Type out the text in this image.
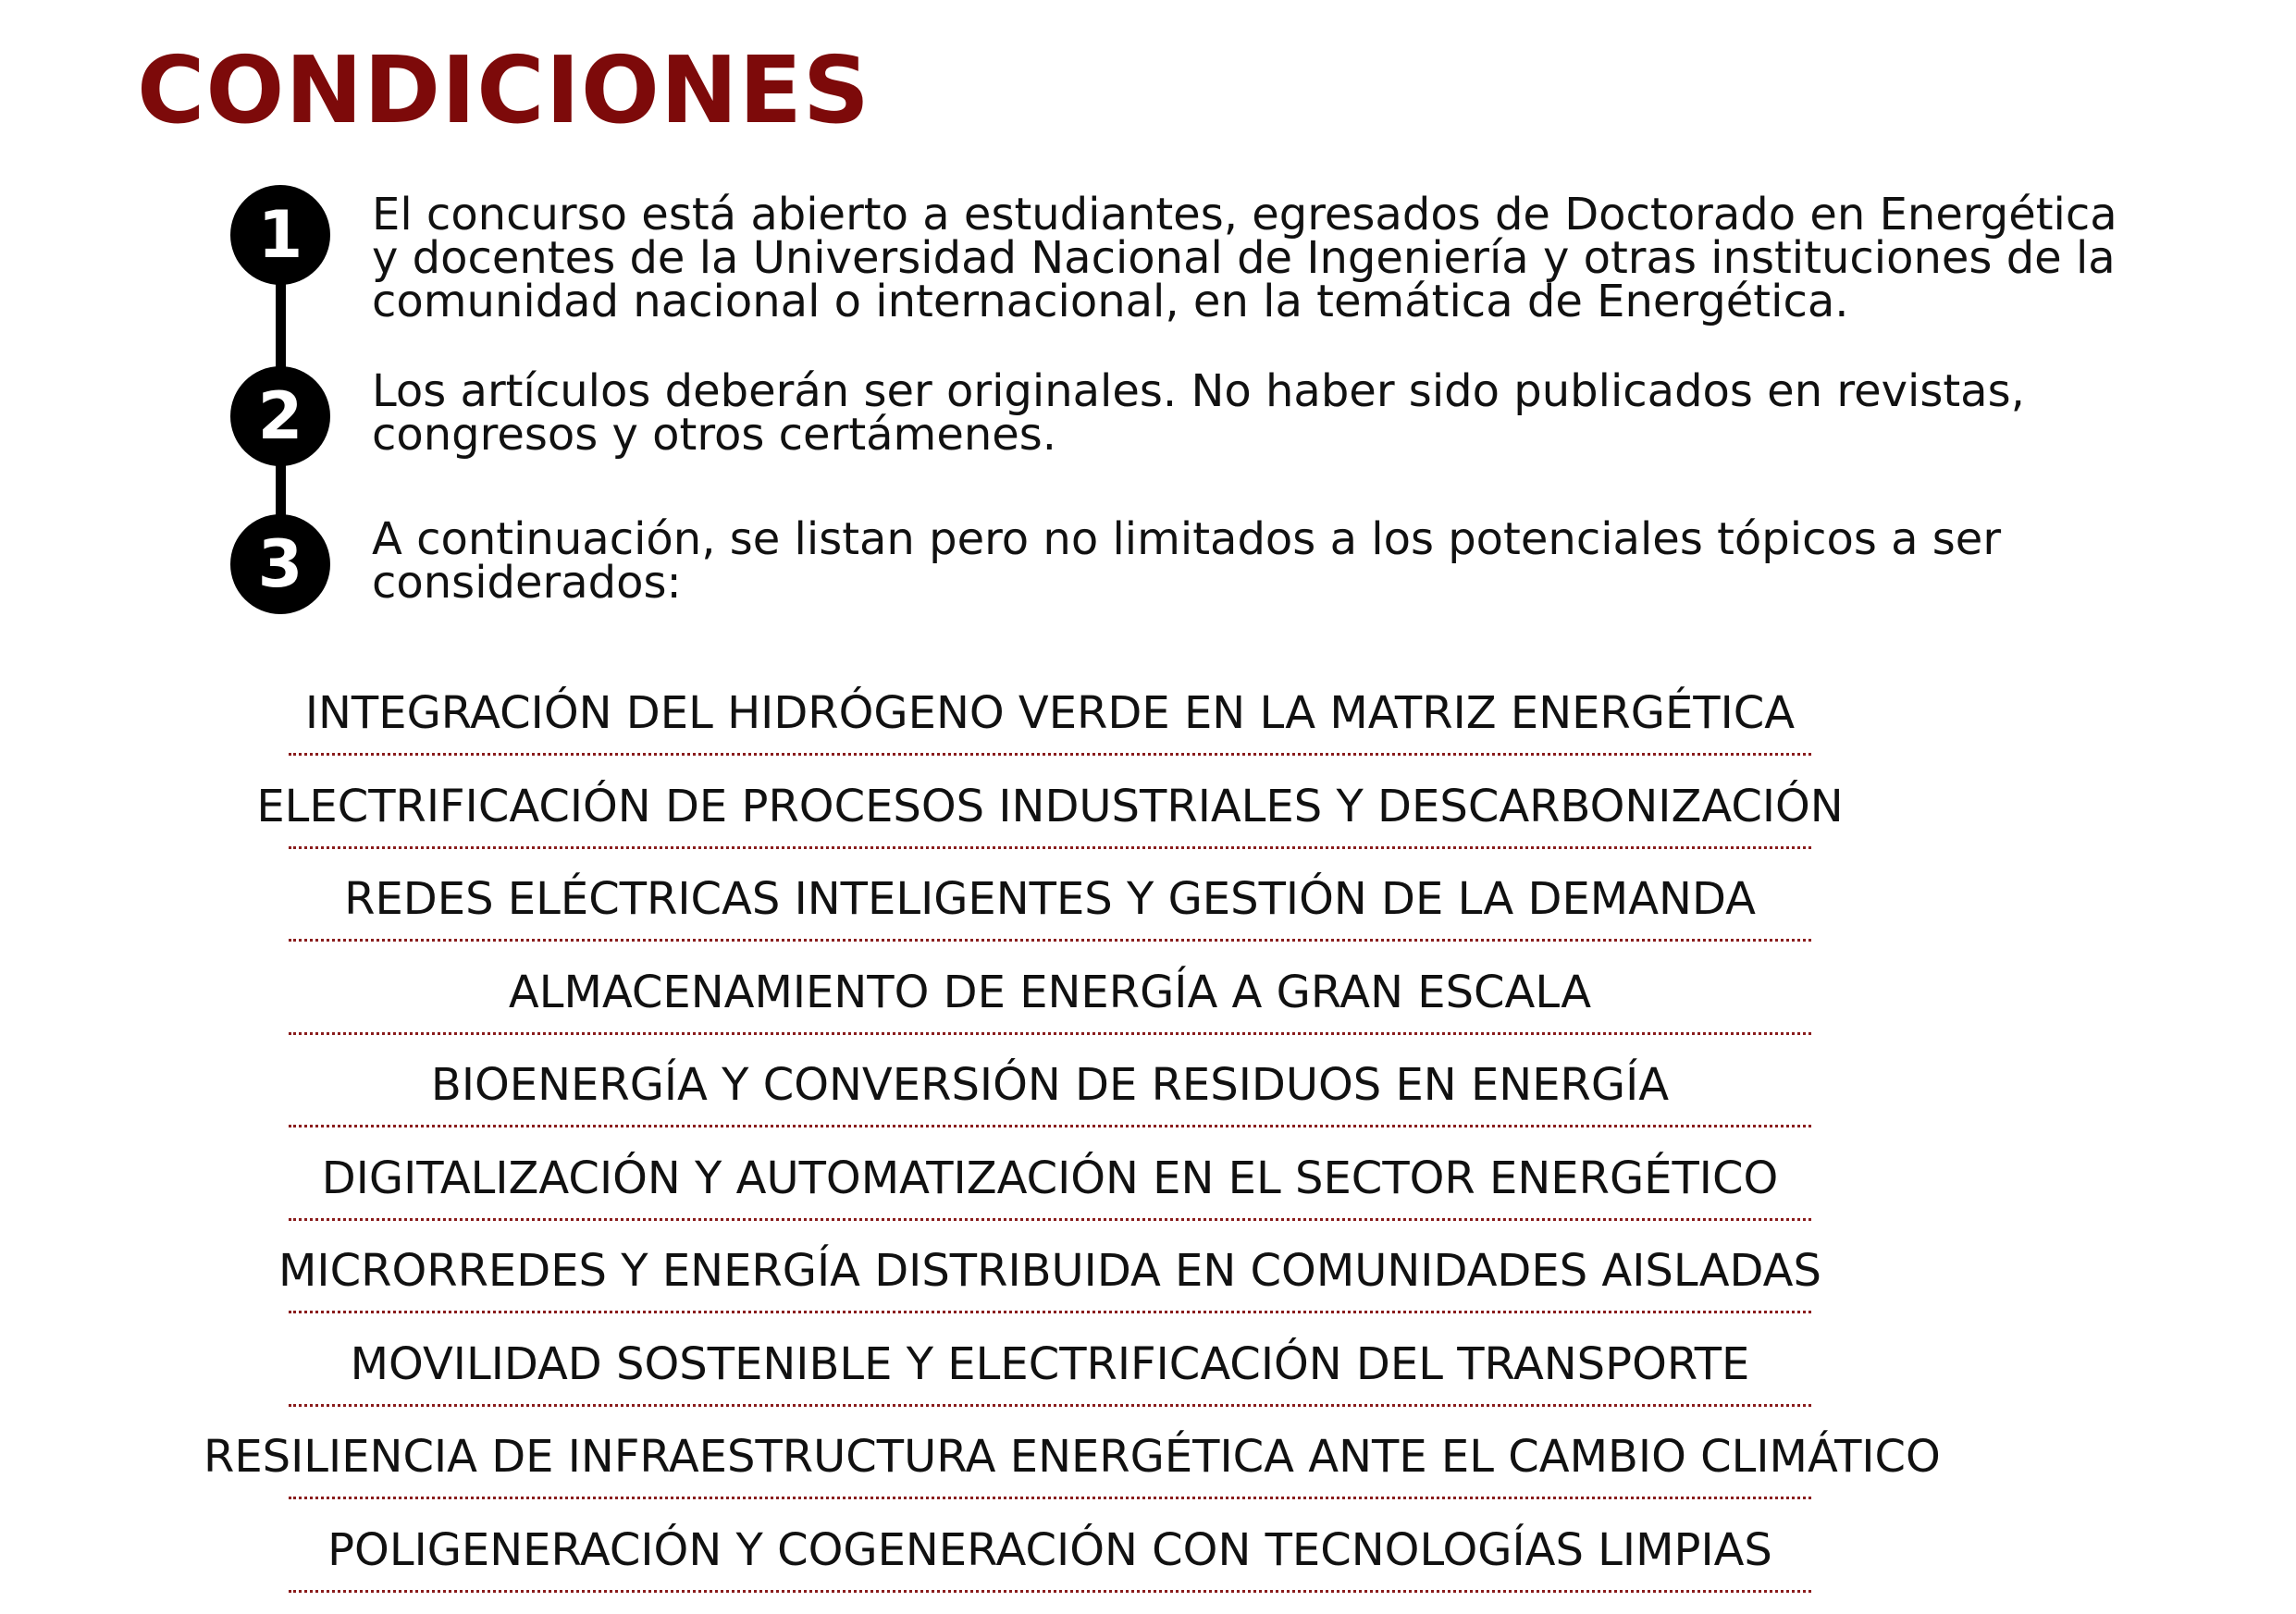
CONDICIONES
1	El concurso está abierto a estudiantes, egresados de Doctorado en Energética
y docentes de la Universidad Nacional de Ingeniería y otras instituciones de la
comunidad nacional o internacional, en la temática de Energética.

2	Los artículos deberán ser originales. No haber sido publicados en revistas,
congresos y otros certámenes.

3	A continuación, se listan pero no limitados a los potenciales tópicos a ser
considerados:

INTEGRACIÓN DEL HIDRÓGENO VERDE EN LA MATRIZ ENERGÉTICA
ELECTRIFICACIÓN DE PROCESOS INDUSTRIALES Y DESCARBONIZACIÓN
REDES ELÉCTRICAS INTELIGENTES Y GESTIÓN DE LA DEMANDA
ALMACENAMIENTO DE ENERGÍA A GRAN ESCALA
BIOENERGÍA Y CONVERSIÓN DE RESIDUOS EN ENERGÍA
DIGITALIZACIÓN Y AUTOMATIZACIÓN EN EL SECTOR ENERGÉTICO
MICRORREDES Y ENERGÍA DISTRIBUIDA EN COMUNIDADES AISLADAS
MOVILIDAD SOSTENIBLE Y ELECTRIFICACIÓN DEL TRANSPORTE
RESILIENCIA DE INFRAESTRUCTURA ENERGÉTICA ANTE EL CAMBIO CLIMÁTICO
POLIGENERACIÓN Y COGENERACIÓN CON TECNOLOGÍAS LIMPIAS
